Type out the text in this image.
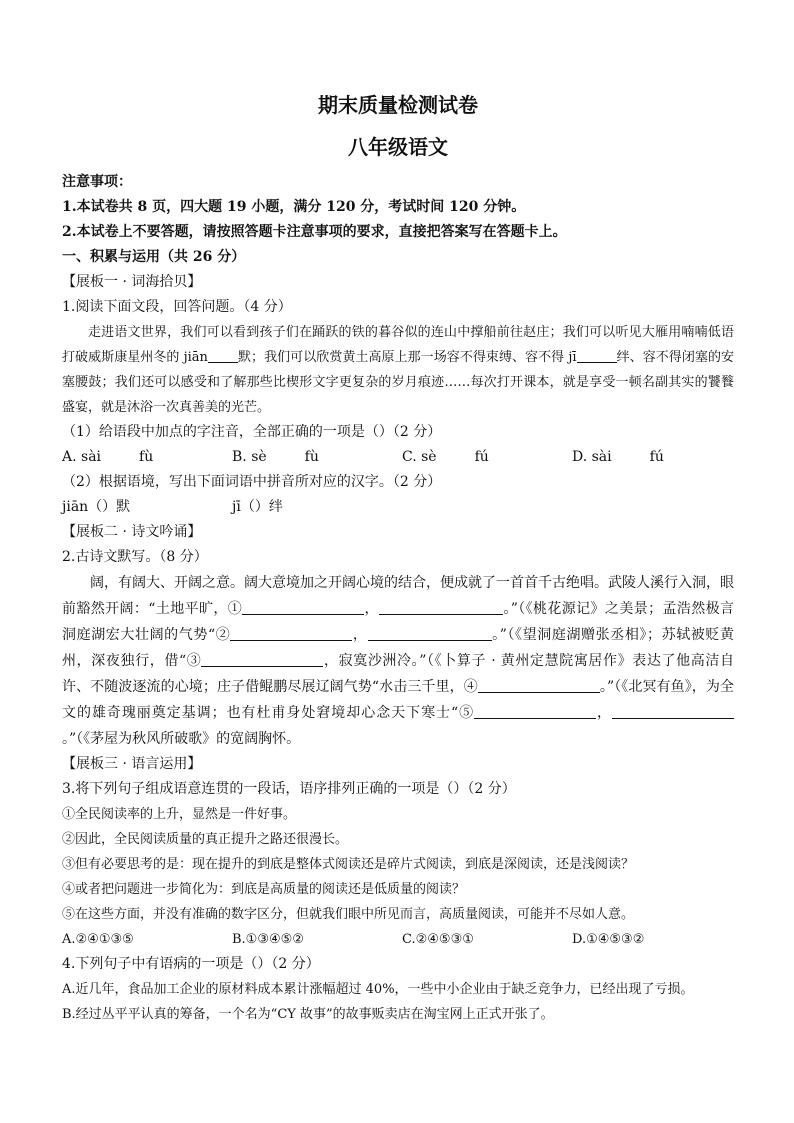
期末质量检测试卷

八年级语文

注意事项：

1.本试卷共 8 页，四大题 19 小题，满分 120 分，考试时间 120 分钟。

2.本试卷上不要答题，请按照答题卡注意事项的要求，直接把答案写在答题卡上。

一、积累与运用（共 26 分）

【展板一 · 词海拾贝】

1.阅读下面文段，回答问题。（4 分）

走进语文世界，我们可以看到孩子们在踊跃的铁的暮谷似的连山中撑船前往赵庄；我们可以听见大雁用喃喃低语打破威斯康星州冬的 jiān 默；我们可以欣赏黄土高原上那一场容不得束缚、容不得 jī	绊、容不得闭塞的安塞腰鼓；我们还可以感受和了解那些比楔形文字更复杂的岁月痕迹……每次打开课本，就是享受一顿名副其实的饕餮盛宴，就是沐浴一次真善美的光芒。

（1）给语段中加点的字注音，全部正确的一项是（）（2 分）

A. sài	fù	B. sè	fù	C. sè	fú	D. sài	fú

（2）根据语境，写出下面词语中拼音所对应的汉字。（2 分）

jiān（）默	jī（）绊

【展板二 · 诗文吟诵】

2.古诗文默写。（8 分）

阔，有阔大、开阔之意。阔大意境加之开阔心境的结合，便成就了一首首千古绝唱。武陵人溪行入洞，眼前豁然开阔：“土地平旷，①	，	。”（《桃花源记》之美景；孟浩然极言洞庭湖宏大壮阔的气势“②	，	。”（《望洞庭湖赠张丞相》；苏轼被贬黄州，深夜独行，借“③	，寂寞沙洲冷。”（《卜算子 · 黄州定慧院寓居作》表达了他高洁自许、不随波逐流的心境；庄子借鲲鹏尽展辽阔气势“水击三千里，④	。”（《北冥有鱼》，为全文的雄奇瑰丽奠定基调；也有杜甫身处窘境却心念天下寒士“⑤	，。”（《茅屋为秋风所破歌》的宽阔胸怀。

【展板三 · 语言运用】

3.将下列句子组成语意连贯的一段话，语序排列正确的一项是（）（2 分）

①全民阅读率的上升，显然是一件好事。

②因此，全民阅读质量的真正提升之路还很漫长。

③但有必要思考的是：现在提升的到底是整体式阅读还是碎片式阅读，到底是深阅读，还是浅阅读？

④或者把问题进一步简化为：到底是高质量的阅读还是低质量的阅读？

⑤在这些方面，并没有准确的数字区分，但就我们眼中所见而言，高质量阅读，可能并不尽如人意。

A.②④①③⑤	B.①③④⑤②	C.②④⑤③①	D.①④⑤③②

4.下列句子中有语病的一项是（）（2 分）

A.近几年，食品加工企业的原材料成本累计涨幅超过 40%，一些中小企业由于缺乏竞争力，已经出现了亏损。

B.经过丛平平认真的筹备，一个名为“CY 故事”的故事贩卖店在淘宝网上正式开张了。
